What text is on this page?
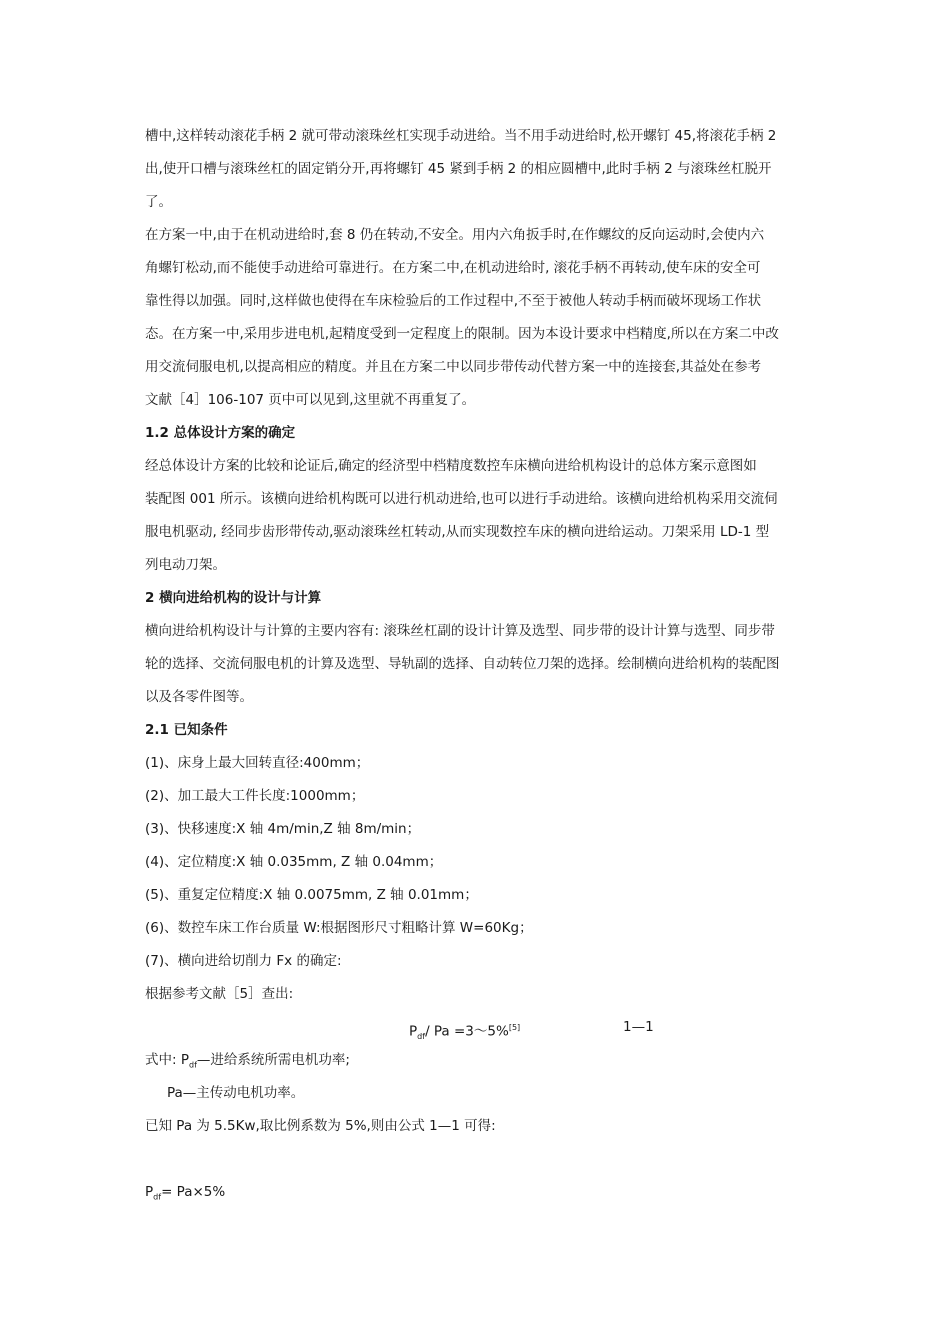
槽中,这样转动滚花手柄 2 就可带动滚珠丝杠实现手动进给。当不用手动进给时,松开螺钉 45,将滚花手柄 2
出,使开口槽与滚珠丝杠的固定销分开,再将螺钉 45 紧到手柄 2 的相应圆槽中,此时手柄 2 与滚珠丝杠脱开
了。
在方案一中,由于在机动进给时,套 8 仍在转动,不安全。用内六角扳手时,在作螺纹的反向运动时,会使内六
角螺钉松动,而不能使手动进给可靠进行。在方案二中,在机动进给时, 滚花手柄不再转动,使车床的安全可
靠性得以加强。同时,这样做也使得在车床检验后的工作过程中,不至于被他人转动手柄而破坏现场工作状
态。在方案一中,采用步进电机,起精度受到一定程度上的限制。因为本设计要求中档精度,所以在方案二中改
用交流伺服电机,以提高相应的精度。并且在方案二中以同步带传动代替方案一中的连接套,其益处在参考
文献［4］106-107 页中可以见到,这里就不再重复了。
1.2 总体设计方案的确定
经总体设计方案的比较和论证后,确定的经济型中档精度数控车床横向进给机构设计的总体方案示意图如
装配图 001 所示。该横向进给机构既可以进行机动进给,也可以进行手动进给。该横向进给机构采用交流伺
服电机驱动, 经同步齿形带传动,驱动滚珠丝杠转动,从而实现数控车床的横向进给运动。刀架采用 LD-1 型
列电动刀架。
2 横向进给机构的设计与计算
横向进给机构设计与计算的主要内容有: 滚珠丝杠副的设计计算及选型、同步带的设计计算与选型、同步带
轮的选择、交流伺服电机的计算及选型、导轨副的选择、自动转位刀架的选择。绘制横向进给机构的装配图
以及各零件图等。
2.1 已知条件
(1)、床身上最大回转直径:400mm；
(2)、加工最大工件长度:1000mm；
(3)、快移速度:X 轴 4m/min,Z 轴 8m/min；
(4)、定位精度:X 轴 0.035mm, Z 轴 0.04mm；
(5)、重复定位精度:X 轴 0.0075mm, Z 轴 0.01mm；
(6)、数控车床工作台质量 W:根据图形尺寸粗略计算 W=60Kg；
(7)、横向进给切削力 Fx 的确定:
根据参考文献［5］查出:
$P_{df}/$ Pa =3～5%[5]	1—1
式中: $P_{df}—$进给系统所需电机功率;
Pa—主传动电机功率。
已知 Pa 为 5.5Kw,取比例系数为 5%,则由公式 1—1 可得:
$P_{df}= Pa\times 5\%$
